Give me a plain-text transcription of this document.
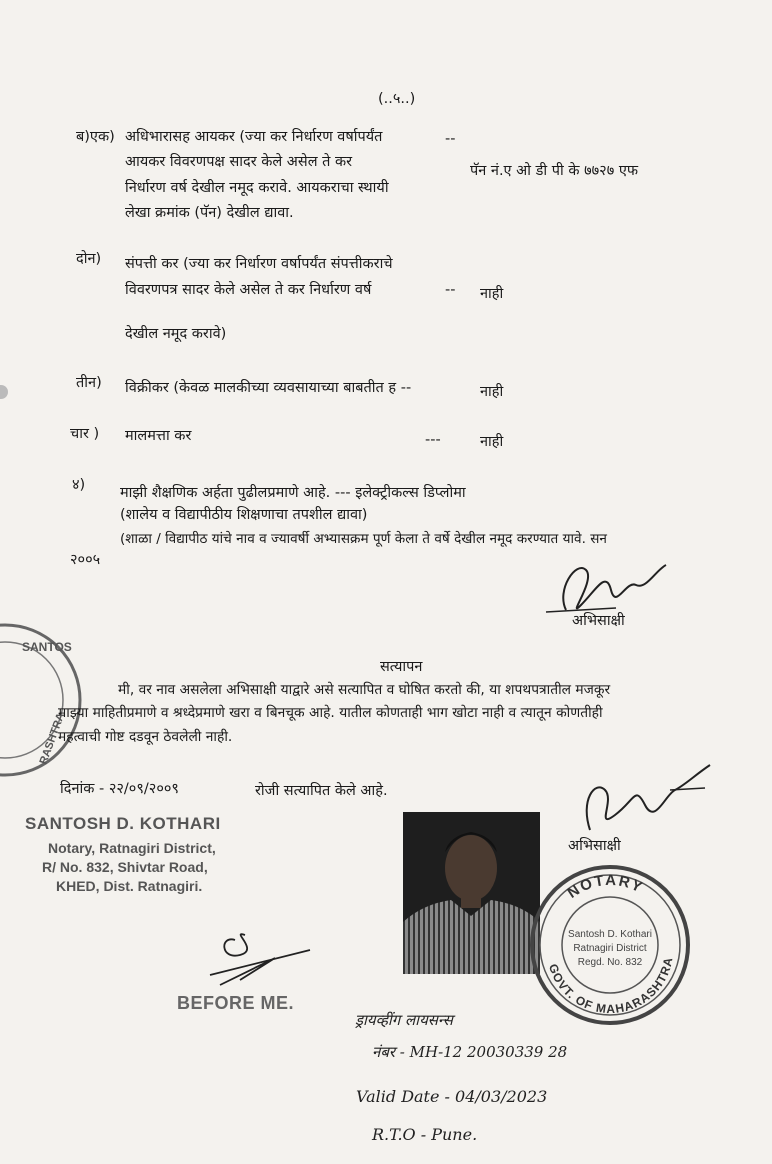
(..५..)
ब)एक) अधिभारासह आयकर (ज्या कर निर्धारण वर्षापर्यंत	--
आयकर विवरणपक्ष सादर केले असेल ते कर
पॅन नं.ए ओ डी पी के ७७२७ एफ
निर्धारण वर्ष देखील नमूद करावे. आयकराचा स्थायी
लेखा क्रमांक (पॅन) देखील द्यावा.
दोन) संपत्ती कर (ज्या कर निर्धारण वर्षापर्यंत संपत्तीकराचे
विवरणपत्र सादर केले असेल ते कर निर्धारण वर्ष	-- नाही
देखील नमूद करावे)
तीन) विक्रीकर (केवळ मालकीच्या व्यवसायाच्या बाबतीत ह --	नाही
चार ) मालमत्ता कर	---	नाही
४) माझी शैक्षणिक अर्हता पुढीलप्रमाणे आहे. --- इलेक्ट्रीकल्स डिप्लोमा
(शालेय व विद्यापीठीय शिक्षणाचा तपशील द्यावा)
(शाळा / विद्यापीठ यांचे नाव व ज्यावर्षी अभ्यासक्रम पूर्ण केला ते वर्षे देखील नमूद करण्यात यावे. सन
२००५
अभिसाक्षी
SANTOS
RASHTRA
सत्यापन
मी, वर नाव असलेला अभिसाक्षी याद्वारे असे सत्यापित व घोषित करतो की, या शपथपत्रातील मजकूर
माझ्या माहितीप्रमाणे व श्रध्देप्रमाणे खरा व बिनचूक आहे. यातील कोणताही भाग खोटा नाही व त्यातून कोणतीही
महत्वाची गोष्ट दडवून ठेवलेली नाही.
दिनांक - २२/०९/२००९	रोजी सत्यापित केले आहे.
अभिसाक्षी
SANTOSH D. KOTHARI
Notary, Ratnagiri District,
R/ No. 832, Shivtar Road,
KHED, Dist. Ratnagiri.
BEFORE ME.
NOTARY
GOVT. OF MAHARASHTRA
Santosh D. Kothari
Ratnagiri District
Regd. No. 832
ड्रायव्हींग लायसन्स
नंबर - MH-12 20030339 28
Valid Date - 04/03/2023
R.T.O - Pune.
